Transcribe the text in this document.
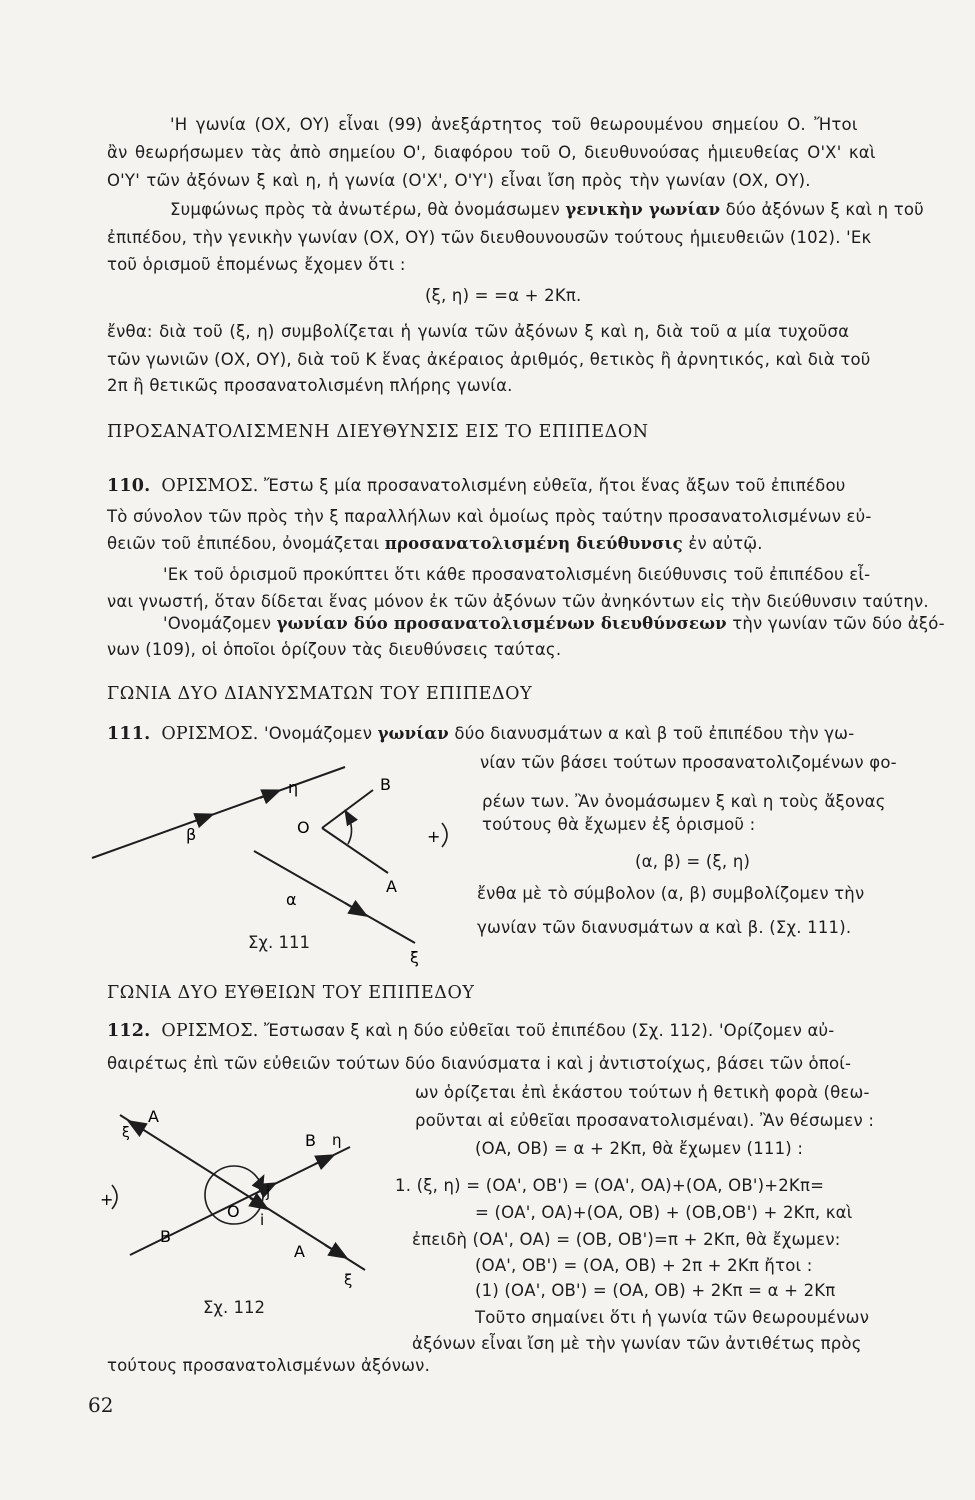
'Η γωνία (ΟΧ, ΟΥ) εἶναι (99) ἀνεξάρτητος τοῦ θεωρουμένου σημείου Ο. Ἤτοι
ἂν θεωρήσωμεν τὰς ἀπὸ σημείου Ο', διαφόρου τοῦ Ο, διευθυνούσας ἡμιευθείας Ο'Χ' καὶ
Ο'Υ' τῶν ἀξόνων ξ καὶ η, ἡ γωνία (Ο'Χ', Ο'Υ') εἶναι ἴση πρὸς τὴν γωνίαν (ΟΧ, ΟΥ).
Συμφώνως πρὸς τὰ ἀνωτέρω, θὰ ὀνομάσωμεν γενικὴν γωνίαν δύο ἀξόνων ξ καὶ η τοῦ
ἐπιπέδου, τὴν γενικὴν γωνίαν (ΟΧ, ΟΥ) τῶν διευθουνουσῶν τούτους ἡμιευθειῶν (102). 'Εκ
τοῦ ὁρισμοῦ ἑπομένως ἔχομεν ὅτι :
(ξ, η) = =α + 2Κπ.
ἔνθα: διὰ τοῦ (ξ, η) συμβολίζεται ἡ γωνία τῶν ἀξόνων ξ καὶ η, διὰ τοῦ α μία τυχοῦσα
τῶν γωνιῶν (ΟΧ, ΟΥ), διὰ τοῦ Κ ἕνας ἀκέραιος ἀριθμός, θετικὸς ἢ ἀρνητικός, καὶ διὰ τοῦ
2π ἢ θετικῶς προσανατολισμένη πλήρης γωνία.
ΠΡΟΣΑΝΑΤΟΛΙΣΜΕΝΗ ΔΙΕΥΘΥΝΣΙΣ ΕΙΣ ΤΟ ΕΠΙΠΕΔΟΝ
110. ΟΡΙΣΜΟΣ. Ἔστω ξ μία προσανατολισμένη εὐθεῖα, ἤτοι ἕνας ἄξων τοῦ ἐπιπέδου
Τὸ σύνολον τῶν πρὸς τὴν ξ παραλλήλων καὶ ὁμοίως πρὸς ταύτην προσανατολισμένων εὐ-
θειῶν τοῦ ἐπιπέδου, ὀνομάζεται προσανατολισμένη διεύθυνσις ἐν αὐτῷ.
'Εκ τοῦ ὁρισμοῦ προκύπτει ὅτι κάθε προσανατολισμένη διεύθυνσις τοῦ ἐπιπέδου εἶ-
ναι γνωστή, ὅταν δίδεται ἕνας μόνον ἐκ τῶν ἀξόνων τῶν ἀνηκόντων εἰς τὴν διεύθυνσιν ταύτην.
'Ονομάζομεν γωνίαν δύο προσανατολισμένων διευθύνσεων τὴν γωνίαν τῶν δύο ἀξό-
νων (109), οἱ ὁποῖοι ὁρίζουν τὰς διευθύνσεις ταύτας.
ΓΩΝΙΑ ΔΥΟ ΔΙΑΝΥΣΜΑΤΩΝ ΤΟΥ ΕΠΙΠΕΔΟΥ
111. ΟΡΙΣΜΟΣ. 'Ονομάζομεν γωνίαν δύο διανυσμάτων α καὶ β τοῦ ἐπιπέδου τὴν γω-
νίαν τῶν βάσει τούτων προσανατολιζομένων φο-
ρέων των. Ἂν ὀνομάσωμεν ξ καὶ η τοὺς ἄξονας
τούτους θὰ ἔχωμεν ἐξ ὁρισμοῦ :
(α, β) = (ξ, η)
ἔνθα μὲ τὸ σύμβολον (α, β) συμβολίζομεν τὴν
γωνίαν τῶν διανυσμάτων α καὶ β. (Σχ. 111).
η	Β
Ο
β	+
Α
α
ξ
Σχ. 111
ΓΩΝΙΑ ΔΥΟ ΕΥΘΕΙΩΝ ΤΟΥ ΕΠΙΠΕΔΟΥ
112. ΟΡΙΣΜΟΣ. Ἔστωσαν ξ καὶ η δύο εὐθεῖαι τοῦ ἐπιπέδου (Σχ. 112). 'Ορίζομεν αὐ-
θαιρέτως ἐπὶ τῶν εὐθειῶν τούτων δύο διανύσματα i καὶ j ἀντιστοίχως, βάσει τῶν ὁποί-
ων ὁρίζεται ἐπὶ ἑκάστου τούτων ἡ θετικὴ φορὰ (θεω-
ροῦνται αἱ εὐθεῖαι προσανατολισμέναι). Ἂν θέσωμεν :
(ΟΑ, ΟΒ) = α + 2Κπ, θὰ ἔχωμεν (111) :
1. (ξ, η) = (ΟΑ', ΟΒ') = (ΟΑ', ΟΑ)+(ΟΑ, ΟΒ')+2Κπ=
= (ΟΑ', ΟΑ)+(ΟΑ, ΟΒ) + (ΟΒ,ΟΒ') + 2Κπ, καὶ
ἐπειδὴ (ΟΑ', ΟΑ) = (ΟΒ, ΟΒ')=π + 2Κπ, θὰ ἔχωμεν:
(ΟΑ', ΟΒ') = (ΟΑ, ΟΒ) + 2π + 2Κπ ἤτοι :
(1) (ΟΑ', ΟΒ') = (ΟΑ, ΟΒ) + 2Κπ = α + 2Κπ
Τοῦτο σημαίνει ὅτι ἡ γωνία τῶν θεωρουμένων
ἀξόνων εἶναι ἴση μὲ τὴν γωνίαν τῶν ἀντιθέτως πρὸς
τούτους προσανατολισμένων ἀξόνων.
Α
ξ	Β η
+	j
Ο
Β
i
Α
ξ
Σχ. 112
62
